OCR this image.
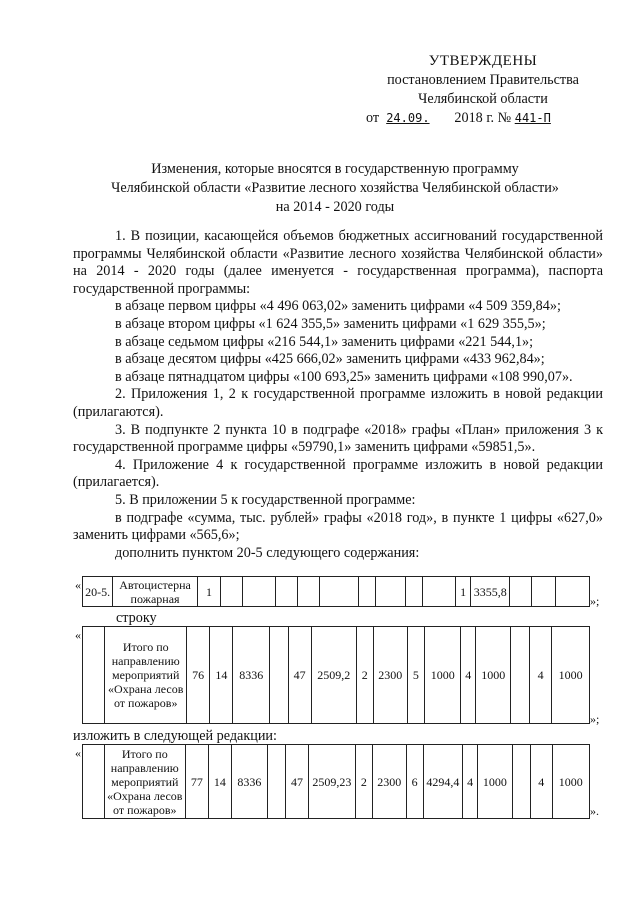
УТВЕРЖДЕНЫ
постановлением Правительства
Челябинской области
от 24.09. 2018 г. № 441-П
Изменения, которые вносятся в государственную программу
Челябинской области «Развитие лесного хозяйства Челябинской области»
на 2014 - 2020 годы

1. В позиции, касающейся объемов бюджетных ассигнований государственной программы Челябинской области «Развитие лесного хозяйства Челябинской области» на 2014 - 2020 годы (далее именуется - государственная программа), паспорта государственной программы:

в абзаце первом цифры «4 496 063,02» заменить цифрами «4 509 359,84»;

в абзаце втором цифры «1 624 355,5» заменить цифрами «1 629 355,5»;

в абзаце седьмом цифры «216 544,1» заменить цифрами «221 544,1»;

в абзаце десятом цифры «425 666,02» заменить цифрами «433 962,84»;

в абзаце пятнадцатом цифры «100 693,25» заменить цифрами «108 990,07».

2. Приложения 1, 2 к государственной программе изложить в новой редакции (прилагаются).

3. В подпункте 2 пункта 10 в подграфе «2018» графы «План» приложения 3 к государственной программе цифры «59790,1» заменить цифрами «59851,5».

4. Приложение 4 к государственной программе изложить в новой редакции (прилагается).

5. В приложении 5 к государственной программе:

в подграфе «сумма, тыс. рублей» графы «2018 год», в пункте 1 цифры «627,0» заменить цифрами «565,6»;

дополнить пунктом 20-5 следующего содержания:

« 20-5.	Автоцистерна пожарная	1										1	3355,8			
»;
строку
«
	Итого по направлению мероприятий «Охрана лесов от пожаров»	76	14	8336		47	2509,2	2	2300	5	1000	4	1000		4	1000
»;
изложить в следующей редакции:
«
		Итого по направлению мероприятий «Охрана лесов от пожаров»	77	14	8336		47	2509,23	2	2300	6	4294,4	4	1000		4	1000
».
